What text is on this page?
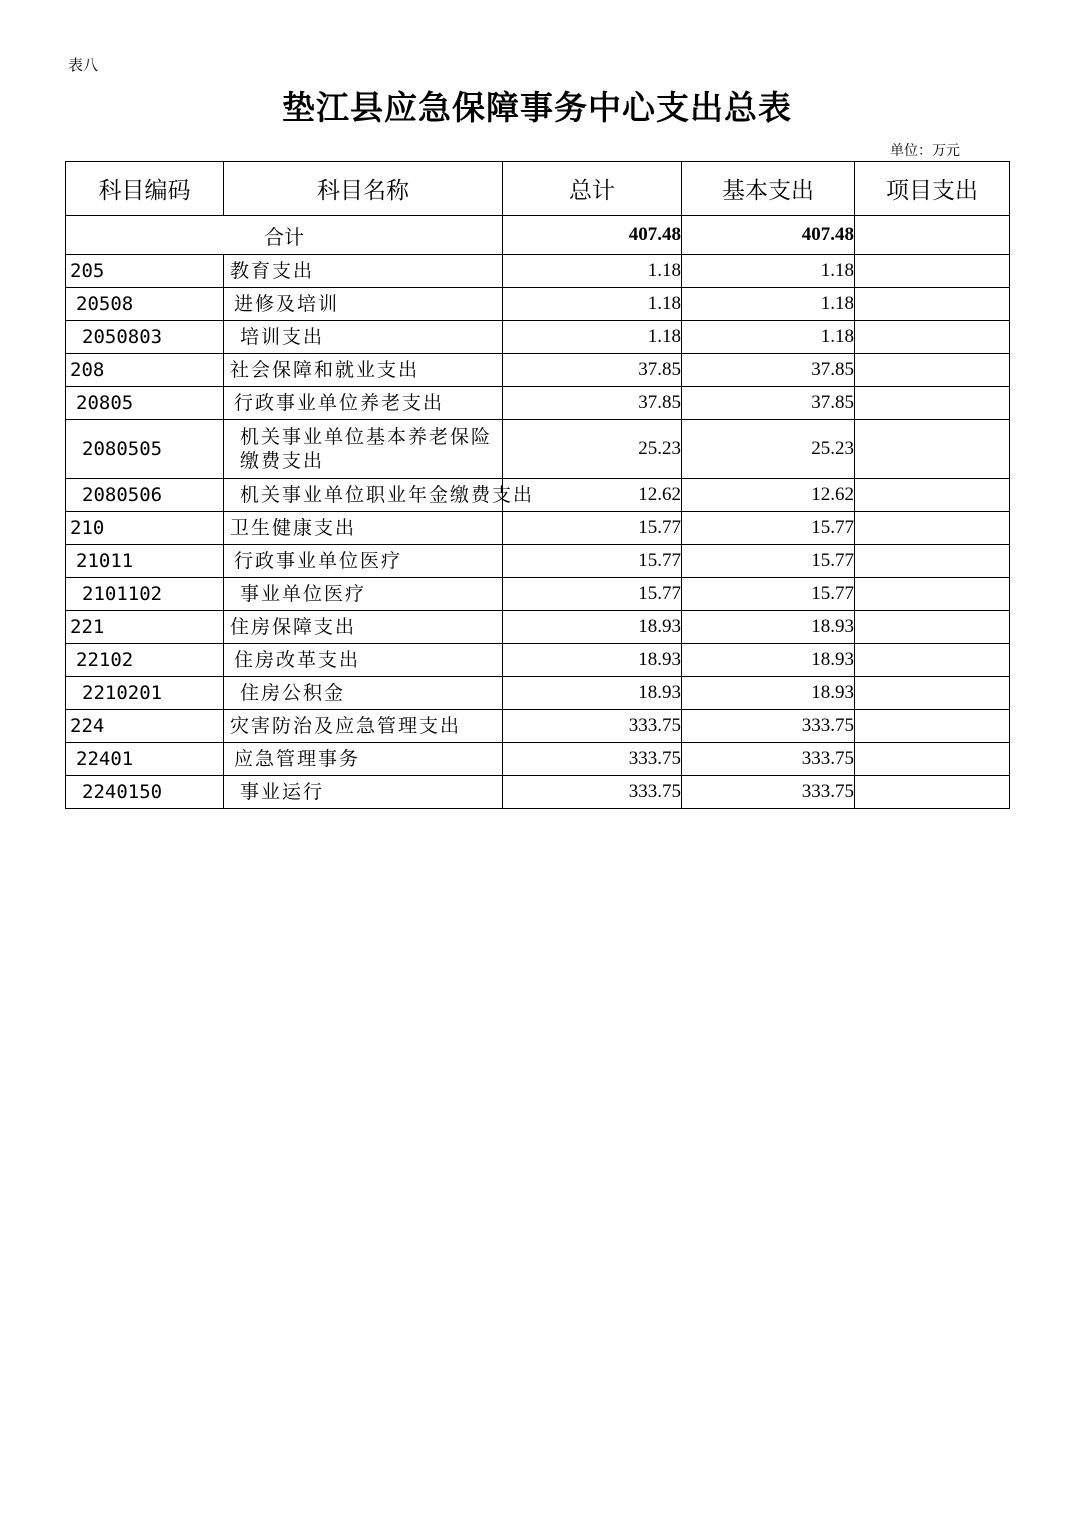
表八
垫江县应急保障事务中心支出总表
单位：万元
科目编码	科目名称	总计	基本支出	项目支出
合计		407.48	407.48	
205	教育支出	1.18	1.18	
20508	进修及培训	1.18	1.18	
2050803	培训支出	1.18	1.18	
208	社会保障和就业支出	37.85	37.85	
20805	行政事业单位养老支出	37.85	37.85	
2080505	机关事业单位基本养老保险缴费支出	25.23	25.23	
2080506	机关事业单位职业年金缴费支出	12.62	12.62	
210	卫生健康支出	15.77	15.77	
21011	行政事业单位医疗	15.77	15.77	
2101102	事业单位医疗	15.77	15.77	
221	住房保障支出	18.93	18.93	
22102	住房改革支出	18.93	18.93	
2210201	住房公积金	18.93	18.93	
224	灾害防治及应急管理支出	333.75	333.75	
22401	应急管理事务	333.75	333.75	
2240150	事业运行	333.75	333.75	
